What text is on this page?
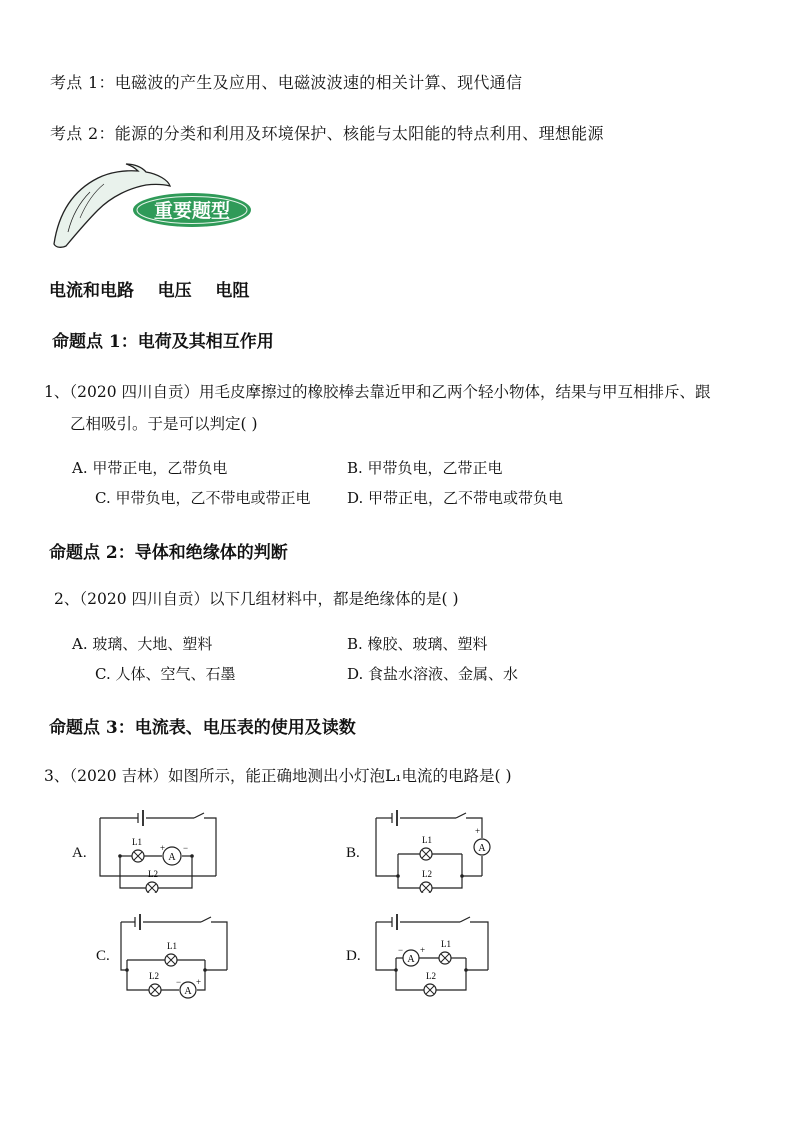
考点 1：电磁波的产生及应用、电磁波波速的相关计算、现代通信
考点 2：能源的分类和利用及环境保护、核能与太阳能的特点利用、理想能源
重要题型
电流和电路    电压    电阻
命题点 1：电荷及其相互作用
1、（2020 四川自贡）用毛皮摩擦过的橡胶棒去靠近甲和乙两个轻小物体，结果与甲互相排斥、跟
乙相吸引。于是可以判定( )
A. 甲带正电，乙带负电	B. 甲带负电，乙带正电
C. 甲带负电，乙不带电或带正电 D. 甲带正电，乙不带电或带负电
命题点 2：导体和绝缘体的判断
2、（2020 四川自贡）以下几组材料中，都是绝缘体的是( )
A. 玻璃、大地、塑料	B. 橡胶、玻璃、塑料
C. 人体、空气、石墨	D. 食盐水溶液、金属、水
命题点 3：电流表、电压表的使用及读数
3、（2020 吉林）如图所示，能正确地测出小灯泡L₁电流的电路是( )
A.	B.
C.	D.
A
+ −
L1
L2
A
+
L1
L2
A
− +
L1
L2
A
− +
L1
L2
